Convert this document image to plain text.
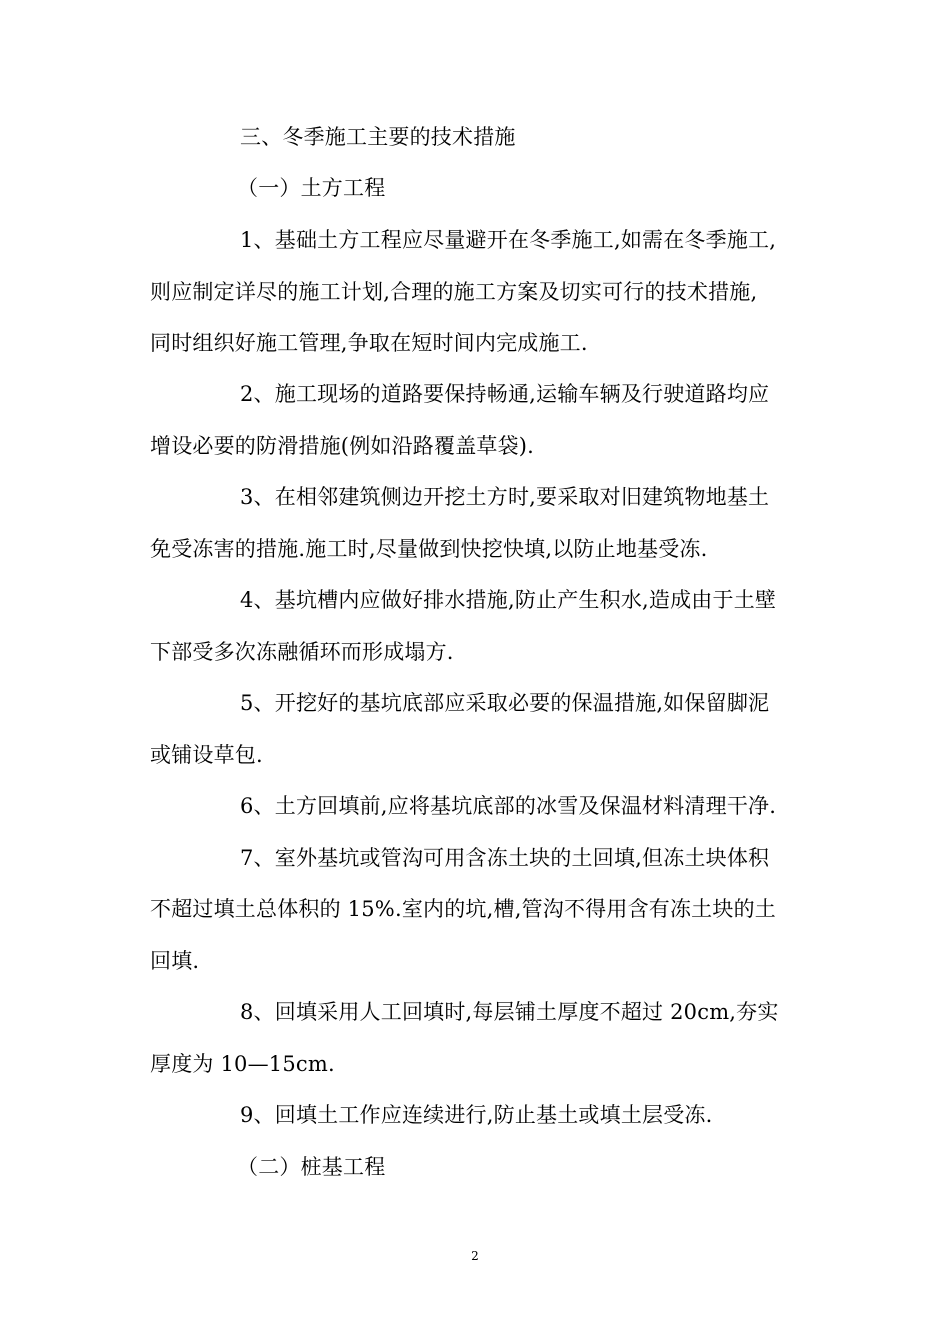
三、冬季施工主要的技术措施
（一）土方工程
1、基础土方工程应尽量避开在冬季施工,如需在冬季施工,
则应制定详尽的施工计划,合理的施工方案及切实可行的技术措施,
同时组织好施工管理,争取在短时间内完成施工.
2、施工现场的道路要保持畅通,运输车辆及行驶道路均应
增设必要的防滑措施(例如沿路覆盖草袋).
3、在相邻建筑侧边开挖土方时,要采取对旧建筑物地基土
免受冻害的措施.施工时,尽量做到快挖快填,以防止地基受冻.
4、基坑槽内应做好排水措施,防止产生积水,造成由于土壁
下部受多次冻融循环而形成塌方.
5、开挖好的基坑底部应采取必要的保温措施,如保留脚泥
或铺设草包.
6、土方回填前,应将基坑底部的冰雪及保温材料清理干净.
7、室外基坑或管沟可用含冻土块的土回填,但冻土块体积
不超过填土总体积的 15%.室内的坑,槽,管沟不得用含有冻土块的土
回填.
8、回填采用人工回填时,每层铺土厚度不超过 20cm,夯实
厚度为 10—15cm.
9、回填土工作应连续进行,防止基土或填土层受冻.
（二）桩基工程
2
